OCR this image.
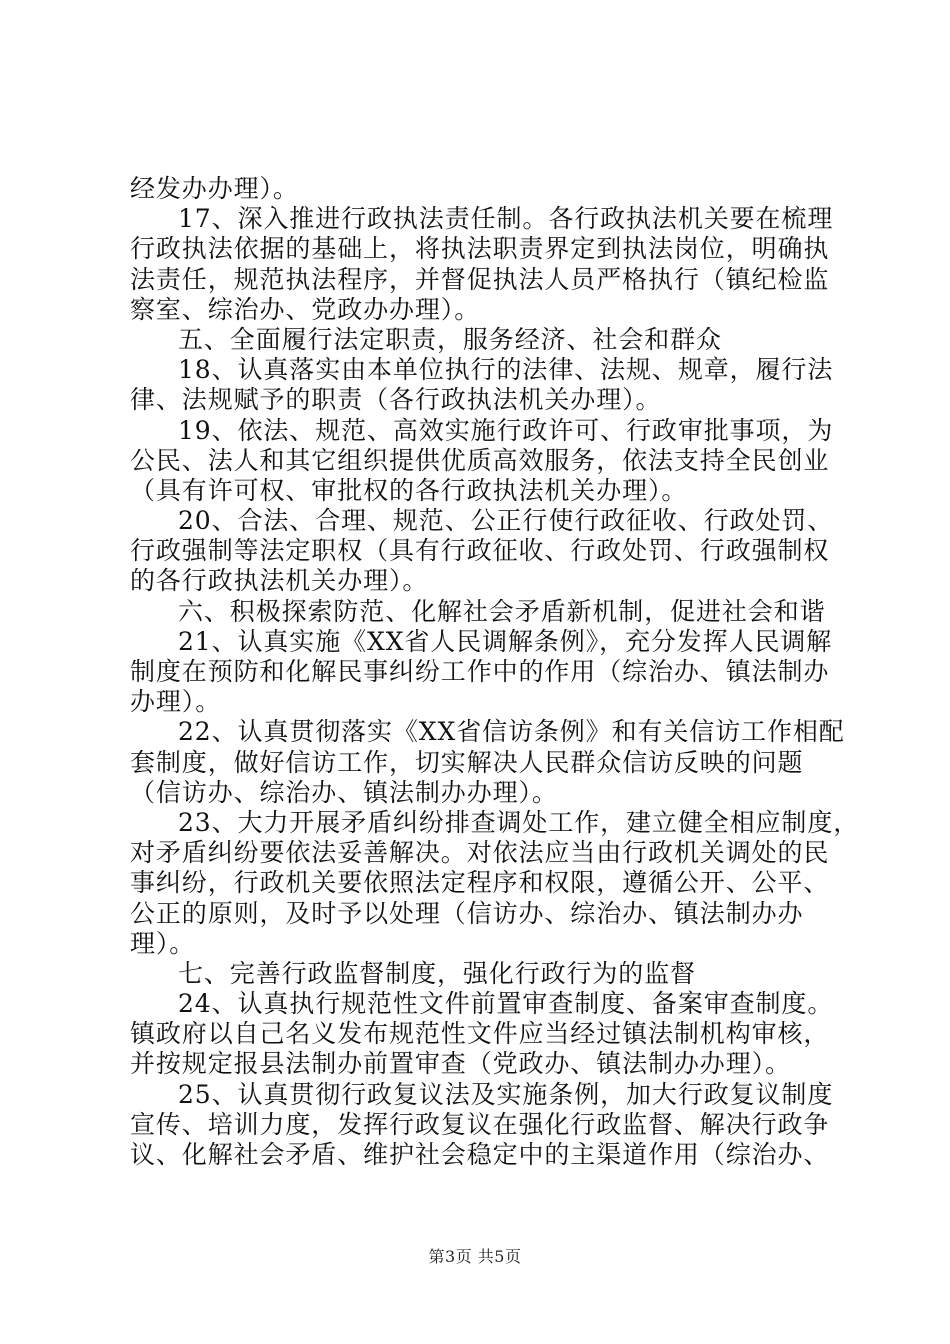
经发办办理）。
17、深入推进行政执法责任制。各行政执法机关要在梳理
行政执法依据的基础上，将执法职责界定到执法岗位，明确执
法责任，规范执法程序，并督促执法人员严格执行（镇纪检监
察室、综治办、党政办办理）。
五、全面履行法定职责，服务经济、社会和群众
18、认真落实由本单位执行的法律、法规、规章，履行法
律、法规赋予的职责（各行政执法机关办理）。
19、依法、规范、高效实施行政许可、行政审批事项，为
公民、法人和其它组织提供优质高效服务，依法支持全民创业
（具有许可权、审批权的各行政执法机关办理）。
20、合法、合理、规范、公正行使行政征收、行政处罚、
行政强制等法定职权（具有行政征收、行政处罚、行政强制权
的各行政执法机关办理）。
六、积极探索防范、化解社会矛盾新机制，促进社会和谐
21、认真实施《XX省人民调解条例》，充分发挥人民调解
制度在预防和化解民事纠纷工作中的作用（综治办、镇法制办
办理）。
22、认真贯彻落实《XX省信访条例》和有关信访工作相配
套制度，做好信访工作，切实解决人民群众信访反映的问题
（信访办、综治办、镇法制办办理）。
23、大力开展矛盾纠纷排查调处工作，建立健全相应制度，
对矛盾纠纷要依法妥善解决。对依法应当由行政机关调处的民
事纠纷，行政机关要依照法定程序和权限，遵循公开、公平、
公正的原则，及时予以处理（信访办、综治办、镇法制办办
理）。
七、完善行政监督制度，强化行政行为的监督
24、认真执行规范性文件前置审查制度、备案审查制度。
镇政府以自己名义发布规范性文件应当经过镇法制机构审核，
并按规定报县法制办前置审查（党政办、镇法制办办理）。
25、认真贯彻行政复议法及实施条例，加大行政复议制度
宣传、培训力度，发挥行政复议在强化行政监督、解决行政争
议、化解社会矛盾、维护社会稳定中的主渠道作用（综治办、
第3页 共5页
